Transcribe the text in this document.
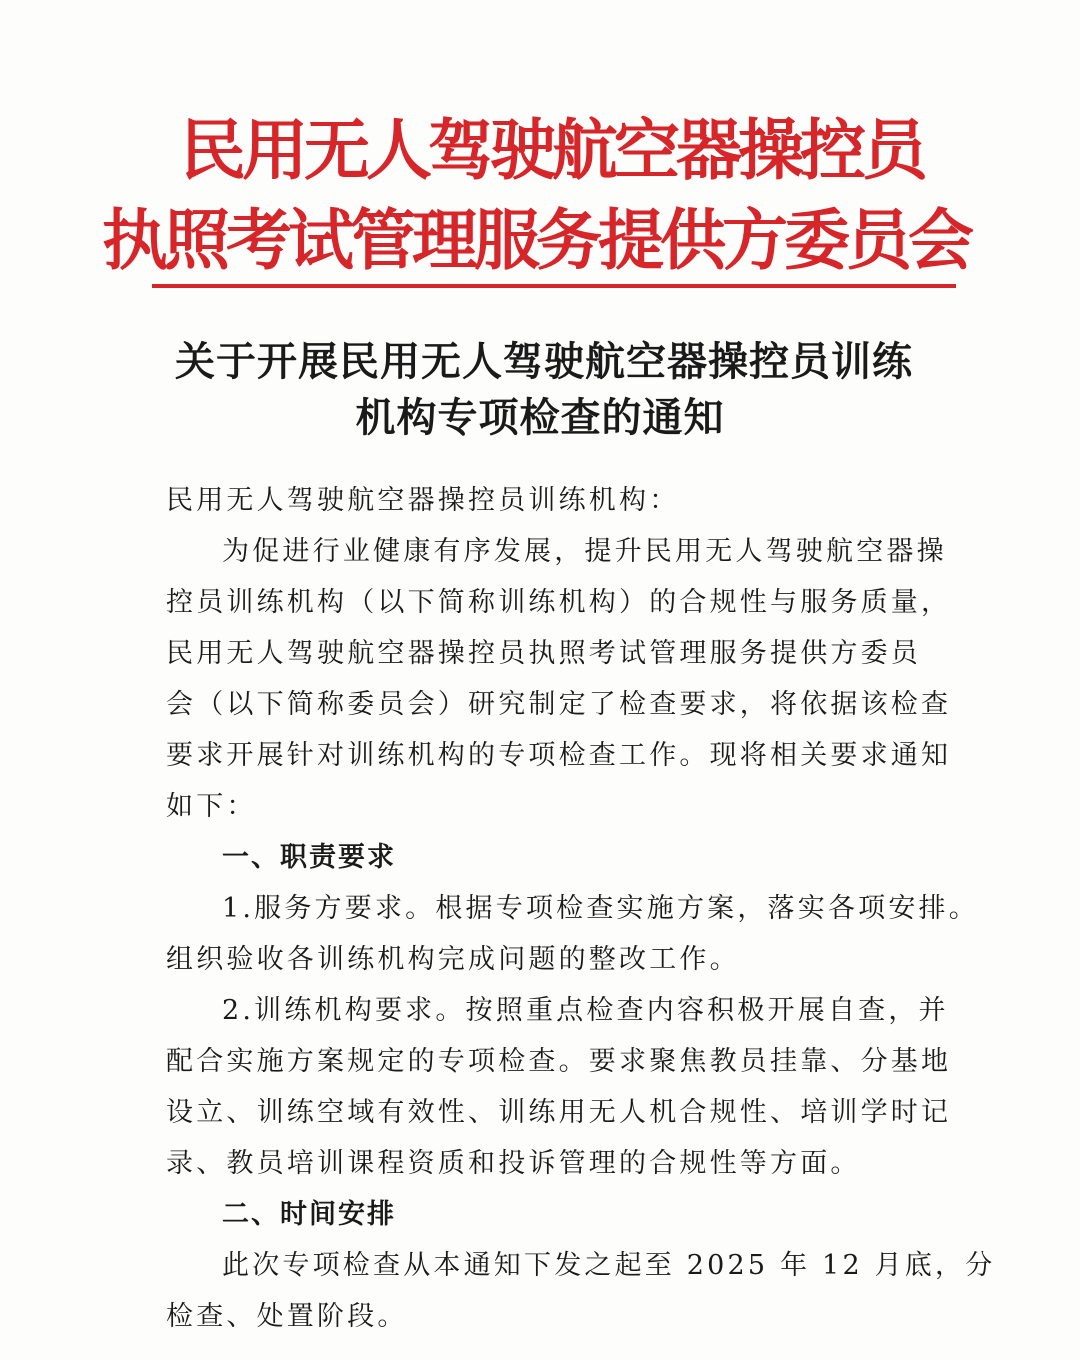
民用无人驾驶航空器操控员
执照考试管理服务提供方委员会
关于开展民用无人驾驶航空器操控员训练
机构专项检查的通知
民用无人驾驶航空器操控员训练机构：
为促进行业健康有序发展，提升民用无人驾驶航空器操
控员训练机构（以下简称训练机构）的合规性与服务质量，
民用无人驾驶航空器操控员执照考试管理服务提供方委员
会（以下简称委员会）研究制定了检查要求，将依据该检查
要求开展针对训练机构的专项检查工作。现将相关要求通知
如下：
一、职责要求
1.服务方要求。根据专项检查实施方案，落实各项安排。
组织验收各训练机构完成问题的整改工作。
2.训练机构要求。按照重点检查内容积极开展自查，并
配合实施方案规定的专项检查。要求聚焦教员挂靠、分基地
设立、训练空域有效性、训练用无人机合规性、培训学时记
录、教员培训课程资质和投诉管理的合规性等方面。
二、时间安排
此次专项检查从本通知下发之起至 2025 年 12 月底，分
检查、处置阶段。
